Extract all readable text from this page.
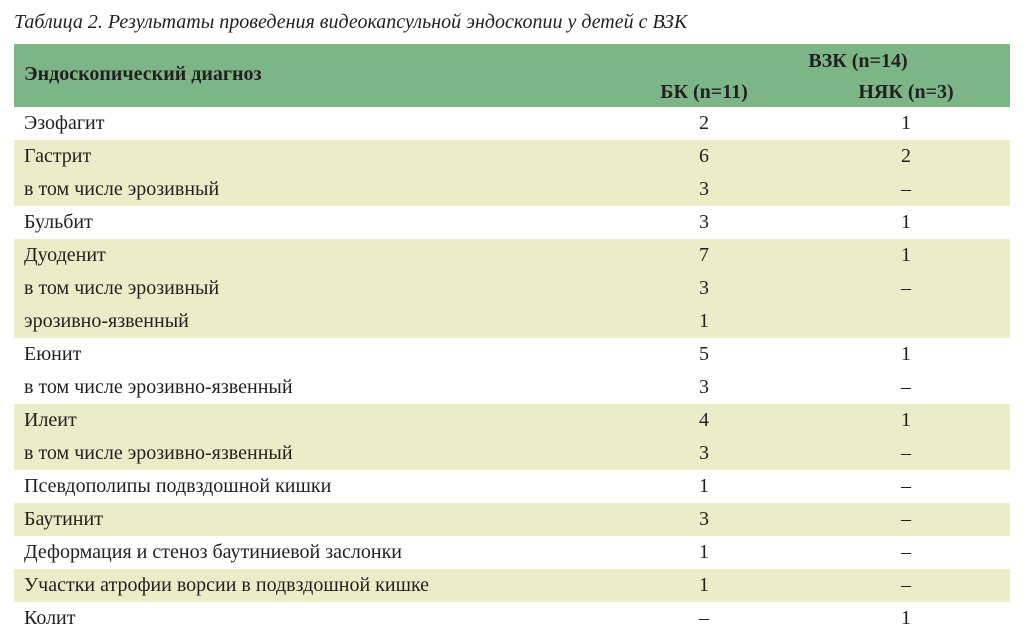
Таблица 2. Результаты проведения видеокапсульной эндоскопии у детей с ВЗК
Эндоскопический диагноз
ВЗК (n=14)
БК (n=11)	НЯК (n=3)
Эзофагит	2	1
Гастрит	6	2
в том числе эрозивный	3	–
Бульбит	3	1
Дуоденит	7	1
в том числе эрозивный	3	–
эрозивно-язвенный	1
Еюнит	5	1
в том числе эрозивно-язвенный	3	–
Илеит	4	1
в том числе эрозивно-язвенный	3	–
Псевдополипы подвздошной кишки	1	–
Баутинит	3	–
Деформация и стеноз баутиниевой заслонки	1	–
Участки атрофии ворсии в подвздошной кишке	1	–
Колит	–	1
